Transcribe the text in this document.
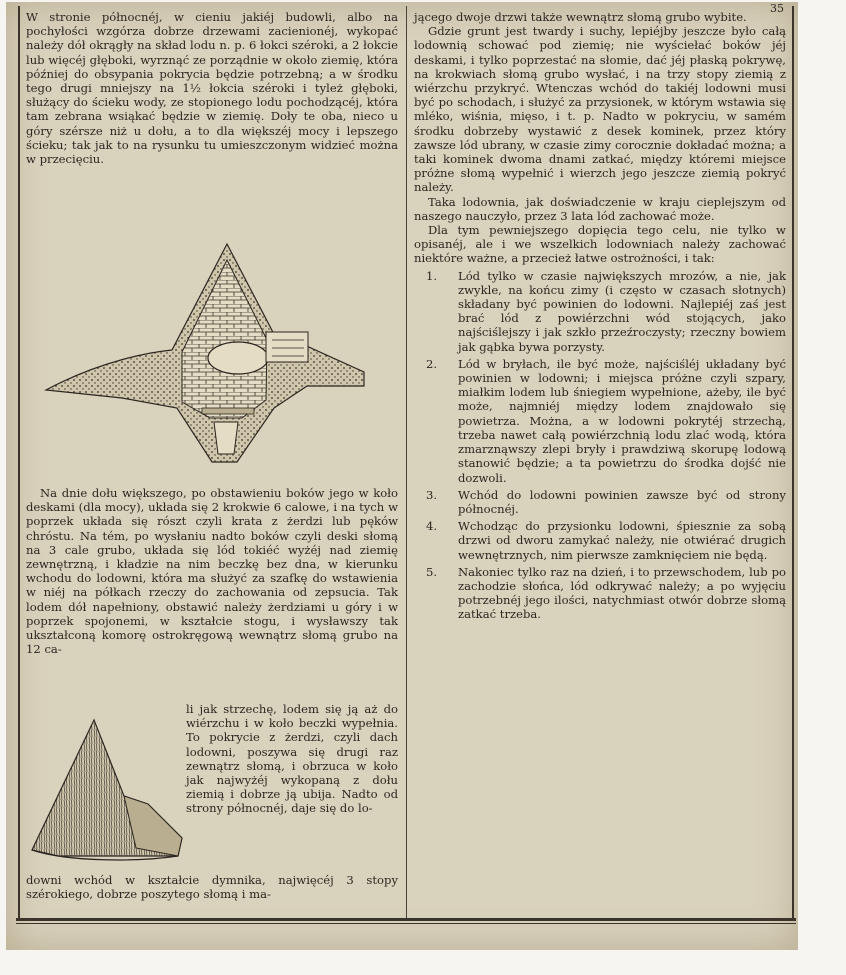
35

W stronie północnéj, w cieniu jakiéj budowli, albo na pochyłości wzgórza dobrze drzewami zacienionéj, wykopać należy dół okrągły na skład lodu n. p. 6 łokci széroki, a 2 łokcie lub więcéj głęboki, wyrznąć ze porządnie w około ziemię, która później do obsypania pokrycia będzie potrzebną; a w środku tego drugi mniejszy na 1½ łokcia széroki i tyleż głęboki, służący do ścieku wody, ze stopionego lodu pochodzącéj, która tam zebrana wsiąkać będzie w ziemię. Doły te oba, nieco u góry szérsze niż u dołu, a to dla większéj mocy i lepszego ścieku; tak jak to na rysunku tu umieszczonym widzieć można w przecięciu.

Na dnie dołu większego, po obstawieniu boków jego w koło deskami (dla mocy), układa się 2 krokwie 6 calowe, i na tych w poprzek układa się rószt czyli krata z żerdzi lub pęków chróstu. Na tém, po wysłaniu nadto boków czyli deski słomą na 3 cale grubo, układa się lód tokiéć wyżéj nad ziemię zewnętrzną, i kładzie na nim beczkę bez dna, w kierunku wchodu do lodowni, która ma służyć za szafkę do wstawienia w niéj na półkach rzeczy do zachowania od zepsucia. Tak lodem dół napełniony, obstawić należy żerdziami u góry i w poprzek spojonemi, w kształcie stogu, i wysławszy tak ukształconą komorę ostrokręgową wewnątrz słomą grubo na 12 ca-

li jak strzechę, lodem się ją aż do wiérzchu i w koło beczki wypełnia. To pokrycie z żerdzi, czyli dach lodowni, poszywa się drugi raz zewnątrz słomą, i obrzuca w koło jak najwyżéj wykopaną z dołu ziemią i dobrze ją ubija. Nadto od strony północnéj, daje się do lo-
downi wchód w kształcie dymnika, najwięcéj 3 stopy szérokiego, dobrze poszytego słomą i ma-

jącego dwoje drzwi także wewnątrz słomą grubo wybite.

Gdzie grunt jest twardy i suchy, lepiéjby jeszcze było całą lodownią schować pod ziemię; nie wyściełać boków jéj deskami, i tylko poprzestać na słomie, dać jéj płaską pokrywę, na krokwiach słomą grubo wysłać, i na trzy stopy ziemią z wiérzchu przykryć. Wtenczas wchód do takiéj lodowni musi być po schodach, i służyć za przysionek, w którym wstawia się mléko, wiśnia, mięso, i t. p. Nadto w pokryciu, w samém środku dobrzeby wystawić z desek kominek, przez który zawsze lód ubrany, w czasie zimy corocznie dokładać można; a taki kominek dwoma dnami zatkać, między któremi miejsce próżne słomą wypełnić i wierzch jego jeszcze ziemią pokryć należy.

Taka lodownia, jak doświadczenie w kraju cieplejszym od naszego nauczyło, przez 3 lata lód zachować może.

Dla tym pewniejszego dopięcia tego celu, nie tylko w opisanéj, ale i we wszelkich lodowniach należy zachować niektóre ważne, a przecież łatwe ostrożności, i tak:

1. Lód tylko w czasie największych mrozów, a nie, jak zwykle, na końcu zimy (i często w czasach słotnych) składany być powinien do lodowni. Najlepiéj zaś jest brać lód z powiérzchni wód stojących, jako najściślejszy i jak szkło przeźroczysty; rzeczny bowiem jak gąbka bywa porzysty.
2. Lód w bryłach, ile być może, najściśléj układany być powinien w lodowni; i miejsca próżne czyli szpary, miałkim lodem lub śniegiem wypełnione, ażeby, ile być może, najmniéj między lodem znajdowało się powietrza. Można, a w lodowni pokrytéj strzechą, trzeba nawet całą powiérzchnią lodu zlać wodą, która zmarznąwszy zlepi bryły i prawdziwą skorupę lodową stanowić będzie; a ta powietrzu do środka dojść nie dozwoli.
3. Wchód do lodowni powinien zawsze być od strony północnéj.
4. Wchodząc do przysionku lodowni, śpiesznie za sobą drzwi od dworu zamykać należy, nie otwiérać drugich wewnętrznych, nim pierwsze zamknięciem nie będą.
5. Nakoniec tylko raz na dzień, i to przewschodem, lub po zachodzie słońca, lód odkrywać należy; a po wyjęciu potrzebnéj jego ilości, natychmiast otwór dobrze słomą zatkać trzeba.
